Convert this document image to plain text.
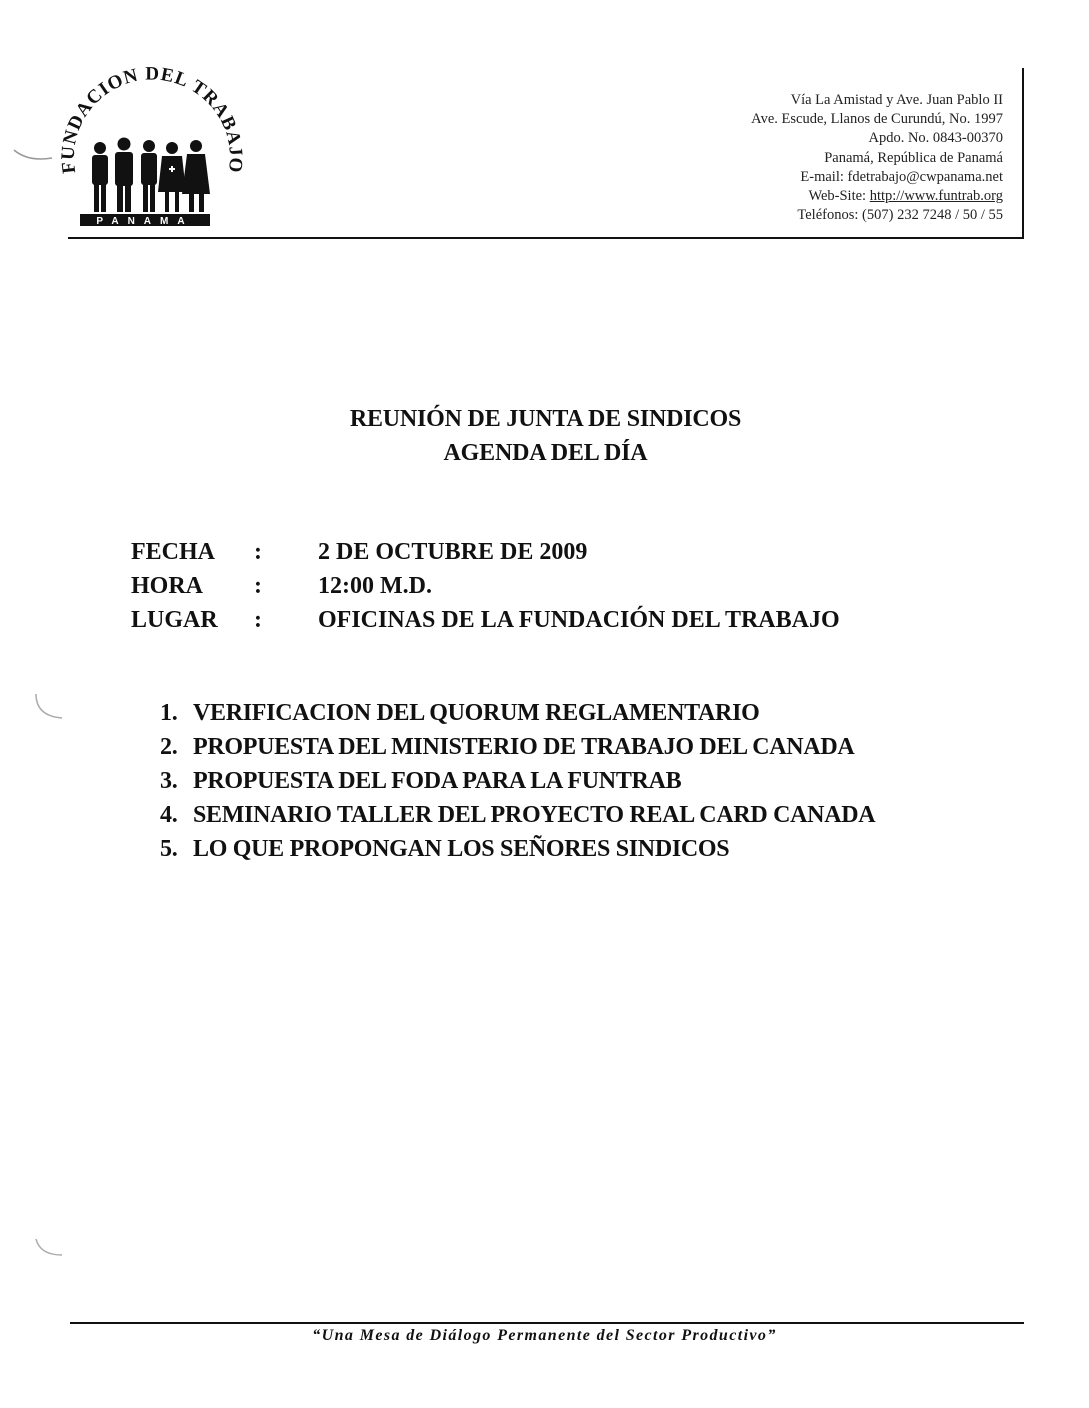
FUNDACION DEL TRABAJO
PANAMA
Vía La Amistad y Ave. Juan Pablo II
Ave. Escude, Llanos de Curundú, No. 1997
Apdo. No. 0843-00370
Panamá, República de Panamá
E-mail: fdetrabajo@cwpanama.net
Web-Site: http://www.funtrab.org
Teléfonos: (507) 232 7248 / 50 / 55
REUNIÓN DE JUNTA DE SINDICOS
AGENDA DEL DÍA
FECHA : 2 DE OCTUBRE DE 2009
HORA : 12:00 M.D.
LUGAR : OFICINAS DE LA FUNDACIÓN DEL TRABAJO
1. VERIFICACION DEL QUORUM REGLAMENTARIO
2. PROPUESTA DEL MINISTERIO DE TRABAJO DEL CANADA
3. PROPUESTA DEL FODA PARA LA FUNTRAB
4. SEMINARIO TALLER DEL PROYECTO REAL CARD CANADA
5. LO QUE PROPONGAN LOS SEÑORES SINDICOS
“Una Mesa de Diálogo Permanente del Sector Productivo”
